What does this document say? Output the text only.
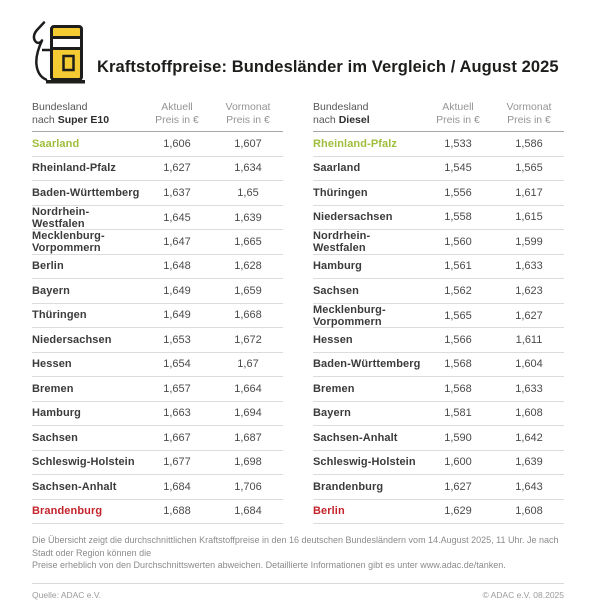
Kraftstoffpreise: Bundesländer im Vergleich / August 2025
Bundesland
nach Super E10
Aktuell
Preis in €
Vormonat
Preis in €
Saarland	1,606	1,607
Rheinland-Pfalz	1,627	1,634
Baden-Württemberg	1,637	1,65
Nordrhein-Westfalen	1,645	1,639
Mecklenburg-Vorpommern	1,647	1,665
Berlin	1,648	1,628
Bayern	1,649	1,659
Thüringen	1,649	1,668
Niedersachsen	1,653	1,672
Hessen	1,654	1,67
Bremen	1,657	1,664
Hamburg	1,663	1,694
Sachsen	1,667	1,687
Schleswig-Holstein	1,677	1,698
Sachsen-Anhalt	1,684	1,706
Brandenburg	1,688	1,684
Bundesland
nach Diesel
Aktuell
Preis in €
Vormonat
Preis in €
Rheinland-Pfalz	1,533	1,586
Saarland	1,545	1,565
Thüringen	1,556	1,617
Niedersachsen	1,558	1,615
Nordrhein-Westfalen	1,560	1,599
Hamburg	1,561	1,633
Sachsen	1,562	1,623
Mecklenburg-Vorpommern	1,565	1,627
Hessen	1,566	1,611
Baden-Württemberg	1,568	1,604
Bremen	1,568	1,633
Bayern	1,581	1,608
Sachsen-Anhalt	1,590	1,642
Schleswig-Holstein	1,600	1,639
Brandenburg	1,627	1,643
Berlin	1,629	1,608

Die Übersicht zeigt die durchschnittlichen Kraftstoffpreise in den 16 deutschen Bundesländern vom 14.August 2025, 11 Uhr. Je nach Stadt oder Region können die
Preise erheblich von den Durchschnittswerten abweichen. Detaillierte Informationen gibt es unter www.adac.de/tanken.

Quelle: ADAC e.V.	© ADAC e.V. 08.2025
